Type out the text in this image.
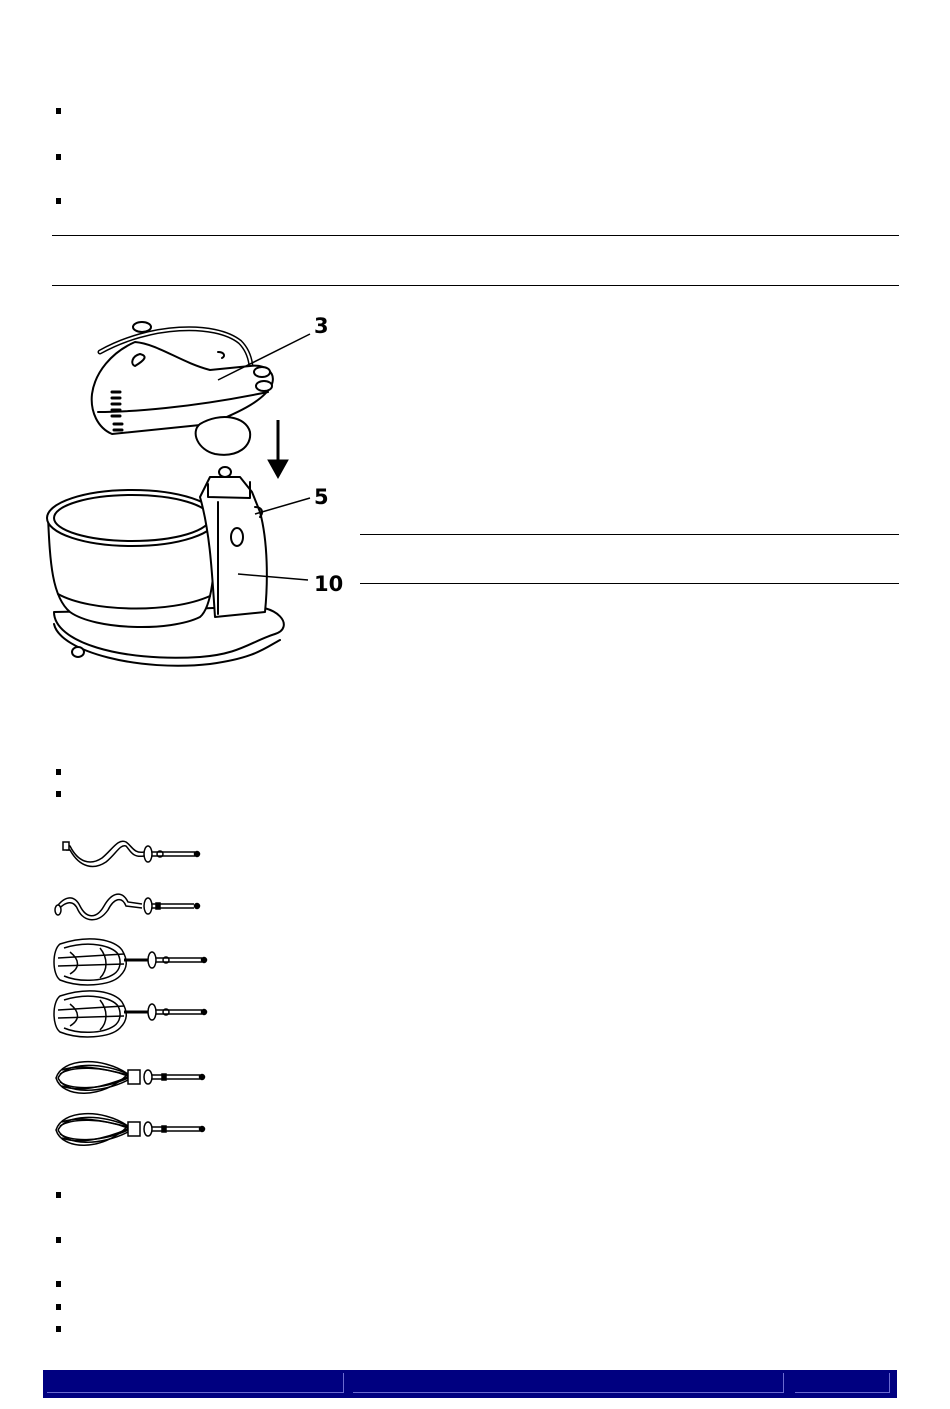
3
5
10
